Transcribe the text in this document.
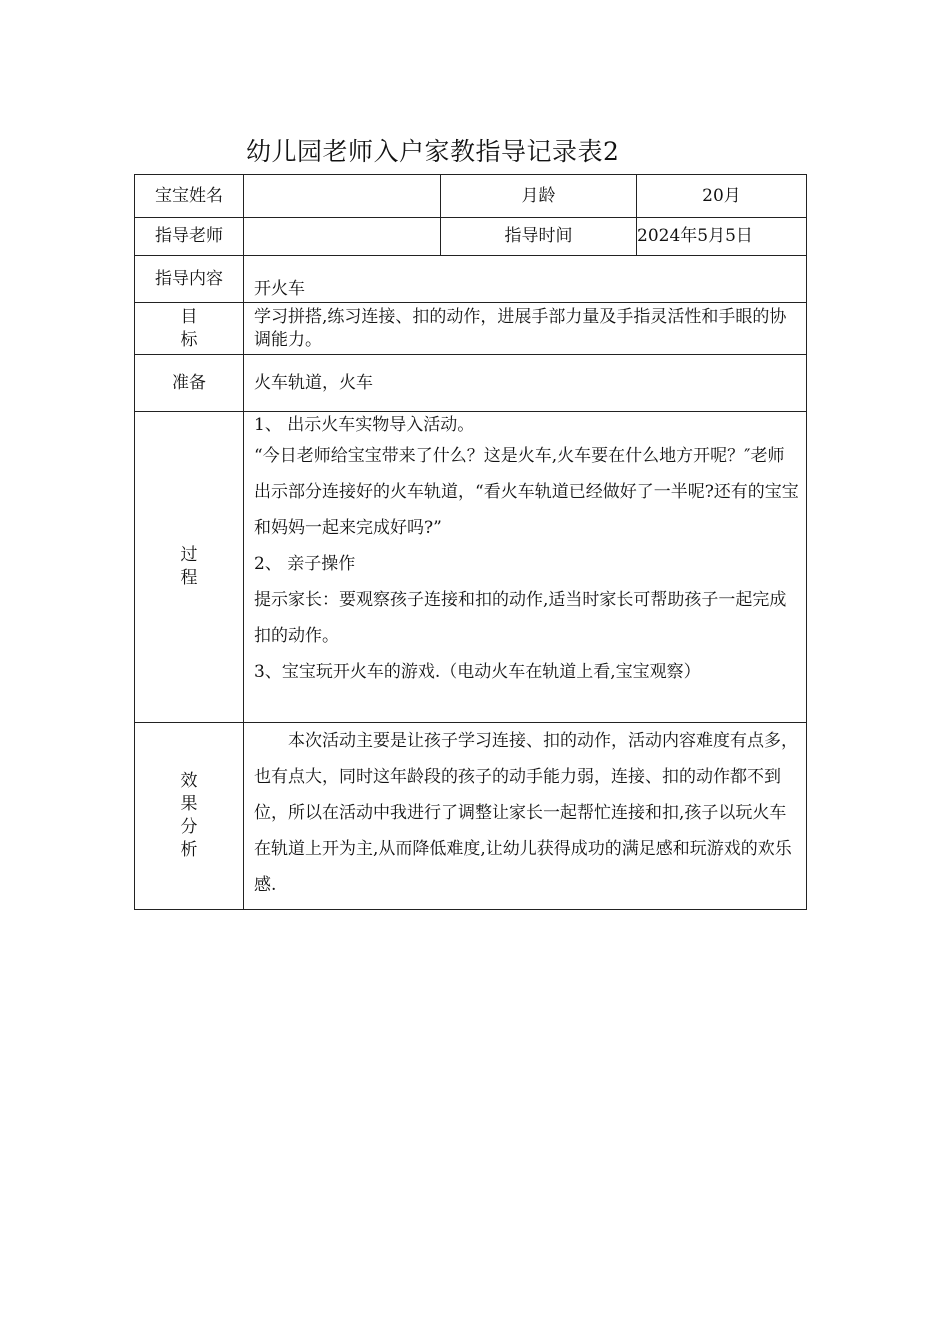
幼儿园老师入户家教指导记录表2
宝宝姓名		月龄	20月
指导老师		指导时间	2024年5月5日
指导内容	开火车		
目标	学习拼搭,练习连接、扣的动作，进展手部力量及手指灵活性和手眼的协调能力。		
准备	火车轨道，火车		
过程	1、 出示火车实物导入活动。

“今日老师给宝宝带来了什么？这是火车,火车要在什么地方开呢？″老师出示部分连接好的火车轨道，“看火车轨道已经做好了一半呢?还有的宝宝和妈妈一起来完成好吗?”

2、 亲子操作

提示家长：要观察孩子连接和扣的动作,适当时家长可帮助孩子一起完成扣的动作。

3、宝宝玩开火车的游戏.（电动火车在轨道上看,宝宝观察）		

效果分析	本次活动主要是让孩子学习连接、扣的动作，活动内容难度有点多，也有点大，同时这年龄段的孩子的动手能力弱，连接、扣的动作都不到位，所以在活动中我进行了调整让家长一起帮忙连接和扣,孩子以玩火车在轨道上开为主,从而降低难度,让幼儿获得成功的满足感和玩游戏的欢乐感.		
